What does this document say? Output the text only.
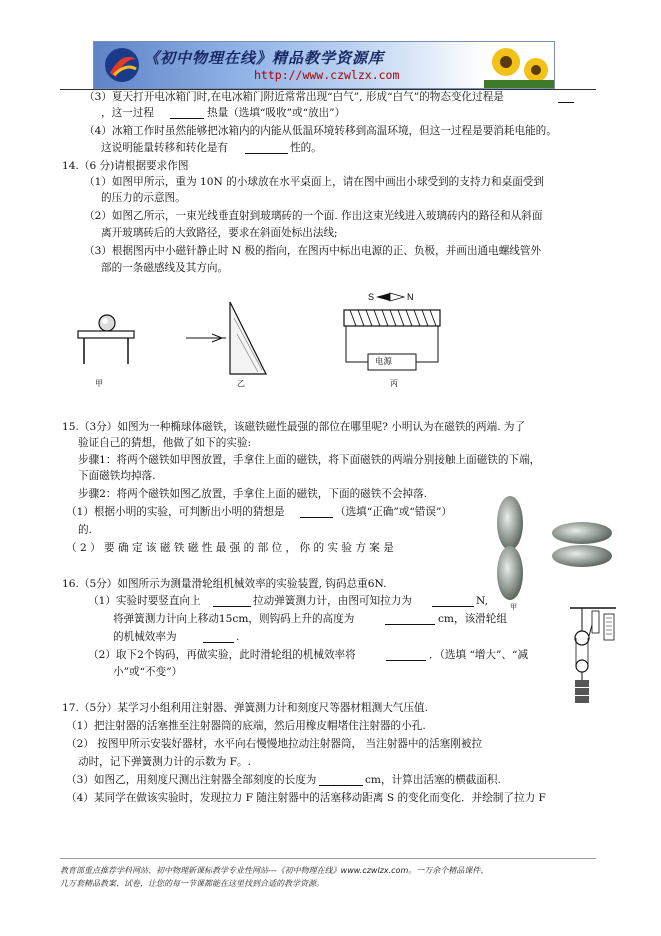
《初中物理在线》精品教学资源库
http://www.czwlzx.com
（3）夏天打开电冰箱门时,在电冰箱门附近常常出现“白气”, 形成“白气”的物态变化过程是
，这一过程	热量（选填“吸收”或“放出”）
（4）冰箱工作时虽然能够把冰箱内的内能从低温环境转移到高温环境，但这一过程是要消耗电能的。
这说明能量转移和转化是有	性的。
14.（6 分)请根据要求作图
（1）如图甲所示，重为 10N 的小球放在水平桌面上，请在图中画出小球受到的支持力和桌面受到
的压力的示意图。
（2）如图乙所示，一束光线垂直射到玻璃砖的一个面. 作出这束光线进入玻璃砖内的路径和从斜面
离开玻璃砖后的大致路径，要求在斜面处标出法线;
（3）根据图丙中小磁针静止时 N 极的指向，在图丙中标出电源的正、负极，并画出通电螺线管外
部的一条磁感线及其方向。
15.（3分）如图为一种椭球体磁铁，该磁铁磁性最强的部位在哪里呢? 小明认为在磁铁的两端. 为了
验证自己的猜想，他做了如下的实验:
步骤1：将两个磁铁如甲图放置，手拿住上面的磁铁，将下面磁铁的两端分别接触上面磁铁的下端，
下面磁铁均掉落.
步骤2：将两个磁铁如图乙放置，手拿住上面的磁铁，下面的磁铁不会掉落.
（1）根据小明的实验，可判断出小明的猜想是	（选填“正确”或“错误”）
的.
（ 2 ） 要 确 定 该 磁 铁 磁 性 最 强 的 部 位 ， 你 的 实 验 方 案 是
16.（5分）如图所示为测量滑轮组机械效率的实验装置, 钩码总重6N.
（1）实验时要竖直向上	拉动弹簧测力计，由图可知拉力为	N,
将弹簧测力计向上移动15cm，则钩码上升的高度为	cm，该滑轮组
的机械效率为	.
（2）取下2个钩码，再做实验，此时滑轮组的机械效率将	．（选填 “增大”、“减
小”或“不变”）
17.（5分）某学习小组利用注射器、弹簧测力计和刻度尺等器材粗测大气压值.
（1）把注射器的活塞推至注射器筒的底端，然后用橡皮帽堵住注射器的小孔.
（2） 按图甲所示安装好器材，水平向右慢慢地拉动注射器筒， 当注射器中的活塞刚被拉
动时，记下弹簧测力计的示数为 F。.
（3）如图乙，用刻度尺测出注射器全部刻度的长度为	cm，计算出活塞的横截面积.
（4）某同学在做该实验时，发现拉力 F 随注射器中的活塞移动距离 S 的变化而变化．并绘制了拉力 F
甲	乙
S	N
电源
丙
甲
教育部重点推荐学科网站、初中物理新课标教学专业性网站---《初中物理在线》www.czwlzx.com。一万余个精品课件、
几万套精品教案、试卷，让您的每一节课都能在这里找到合适的教学资源。
